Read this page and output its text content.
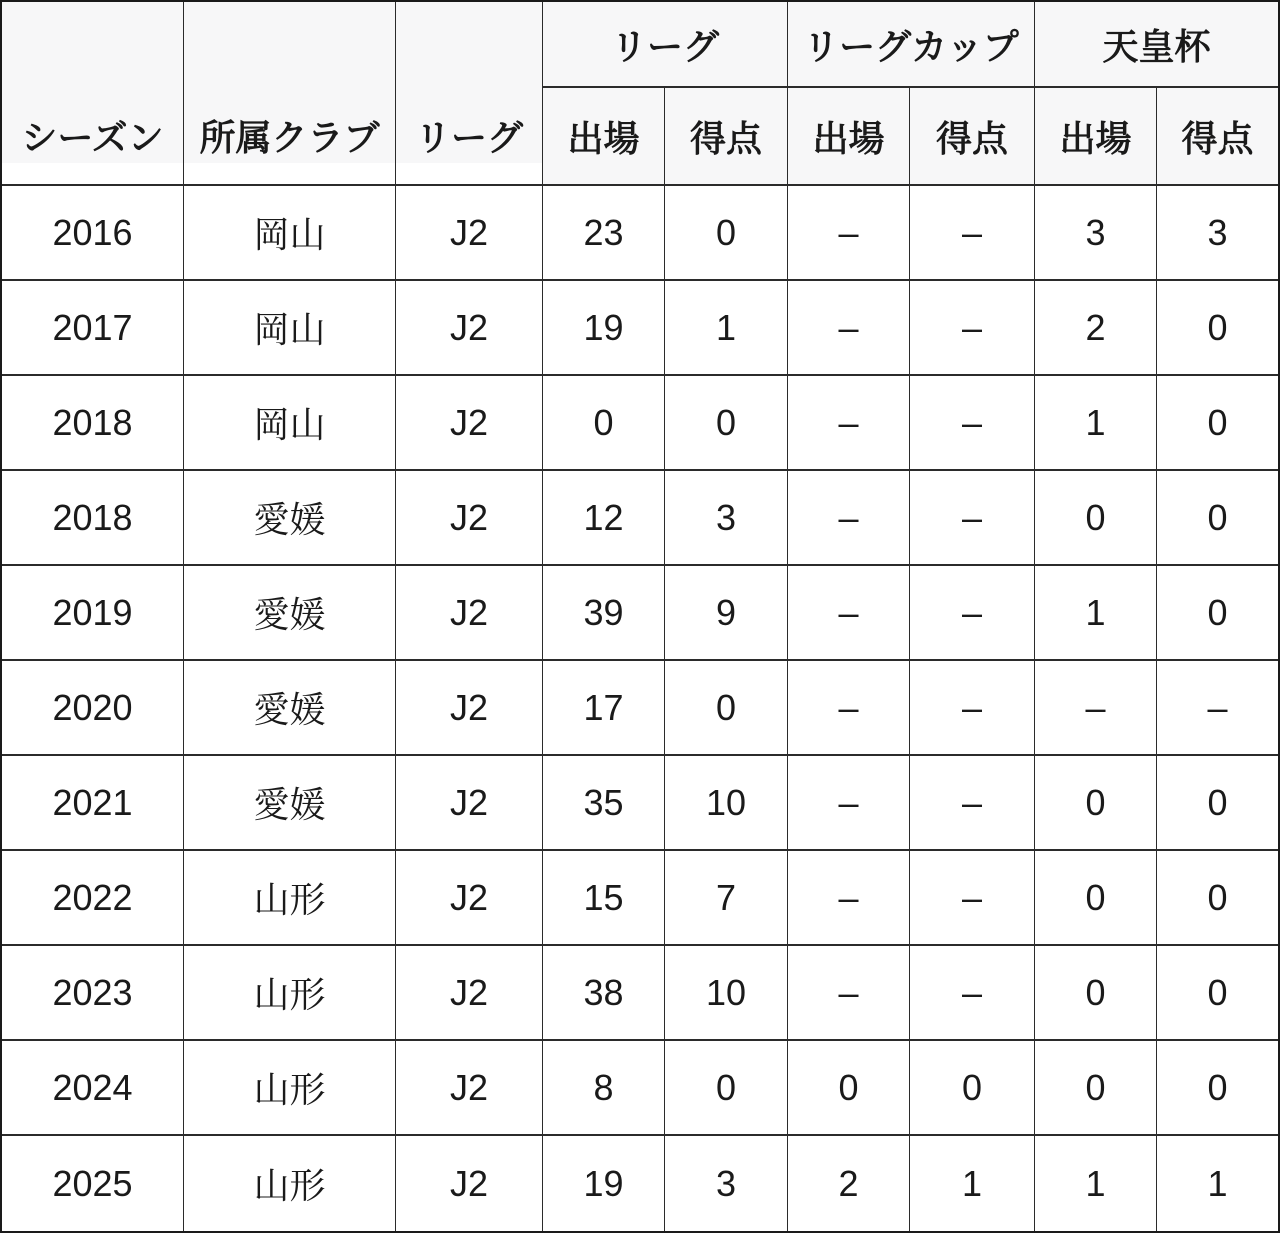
シーズン 所属クラブ リーグ
リーグ	リーグカップ	天皇杯
出場	得点	出場	得点	出場	得点
2016	岡山	J2	23	0	–	–	3	3
2017	岡山	J2	19	1	–	–	2	0
2018	岡山	J2	0	0	–	–	1	0
2018	愛媛	J2	12	3	–	–	0	0
2019	愛媛	J2	39	9	–	–	1	0
2020	愛媛	J2	17	0	–	–	–	–
2021	愛媛	J2	35	10	–	–	0	0
2022	山形	J2	15	7	–	–	0	0
2023	山形	J2	38	10	–	–	0	0
2024	山形	J2	8	0	0	0	0	0
2025	山形	J2	19	3	2	1	1	1
